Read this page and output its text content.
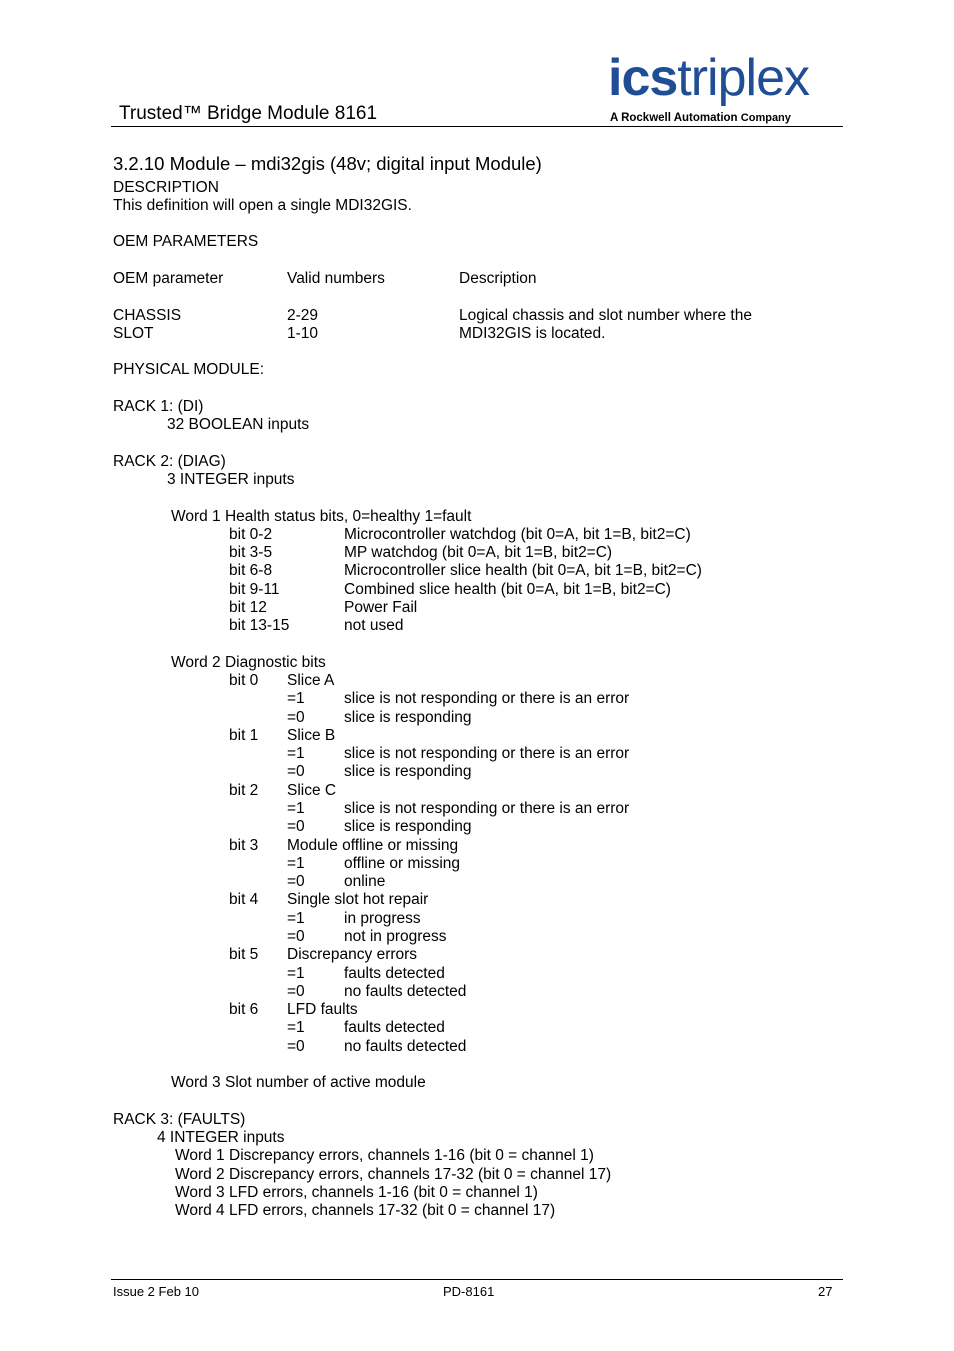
Trusted™ Bridge Module 8161
icstriplex
A Rockwell Automation Company
3.2.10 Module – mdi32gis (48v; digital input Module)
DESCRIPTION
This definition will open a single MDI32GIS.
OEM PARAMETERS
OEM parameter	Valid numbers	Description
CHASSIS	2-29	Logical chassis and slot number where the
SLOT	1-10	MDI32GIS is located.
PHYSICAL MODULE:
RACK 1: (DI)
32 BOOLEAN inputs
RACK 2: (DIAG)
3 INTEGER inputs
Word 1 Health status bits, 0=healthy 1=fault
bit 0-2	Microcontroller watchdog (bit 0=A, bit 1=B, bit2=C)
bit 3-5	MP watchdog (bit 0=A, bit 1=B, bit2=C)
bit 6-8	Microcontroller slice health (bit 0=A, bit 1=B, bit2=C)
bit 9-11	Combined slice health (bit 0=A, bit 1=B, bit2=C)
bit 12	Power Fail
bit 13-15	not used
Word 2 Diagnostic bits
bit 0 Slice A
=1	slice is not responding or there is an error
=0	slice is responding
bit 1 Slice B
=1	slice is not responding or there is an error
=0	slice is responding
bit 2 Slice C
=1	slice is not responding or there is an error
=0	slice is responding
bit 3 Module offline or missing
=1	offline or missing
=0	online
bit 4 Single slot hot repair
=1	in progress
=0	not in progress
bit 5 Discrepancy errors
=1	faults detected
=0	no faults detected
bit 6 LFD faults
=1	faults detected
=0	no faults detected
Word 3 Slot number of active module
RACK 3: (FAULTS)
4 INTEGER inputs
Word 1 Discrepancy errors, channels 1-16 (bit 0 = channel 1)
Word 2 Discrepancy errors, channels 17-32 (bit 0 = channel 17)
Word 3 LFD errors, channels 1-16 (bit 0 = channel 1)
Word 4 LFD errors, channels 17-32 (bit 0 = channel 17)
Issue 2 Feb 10	PD-8161	27
